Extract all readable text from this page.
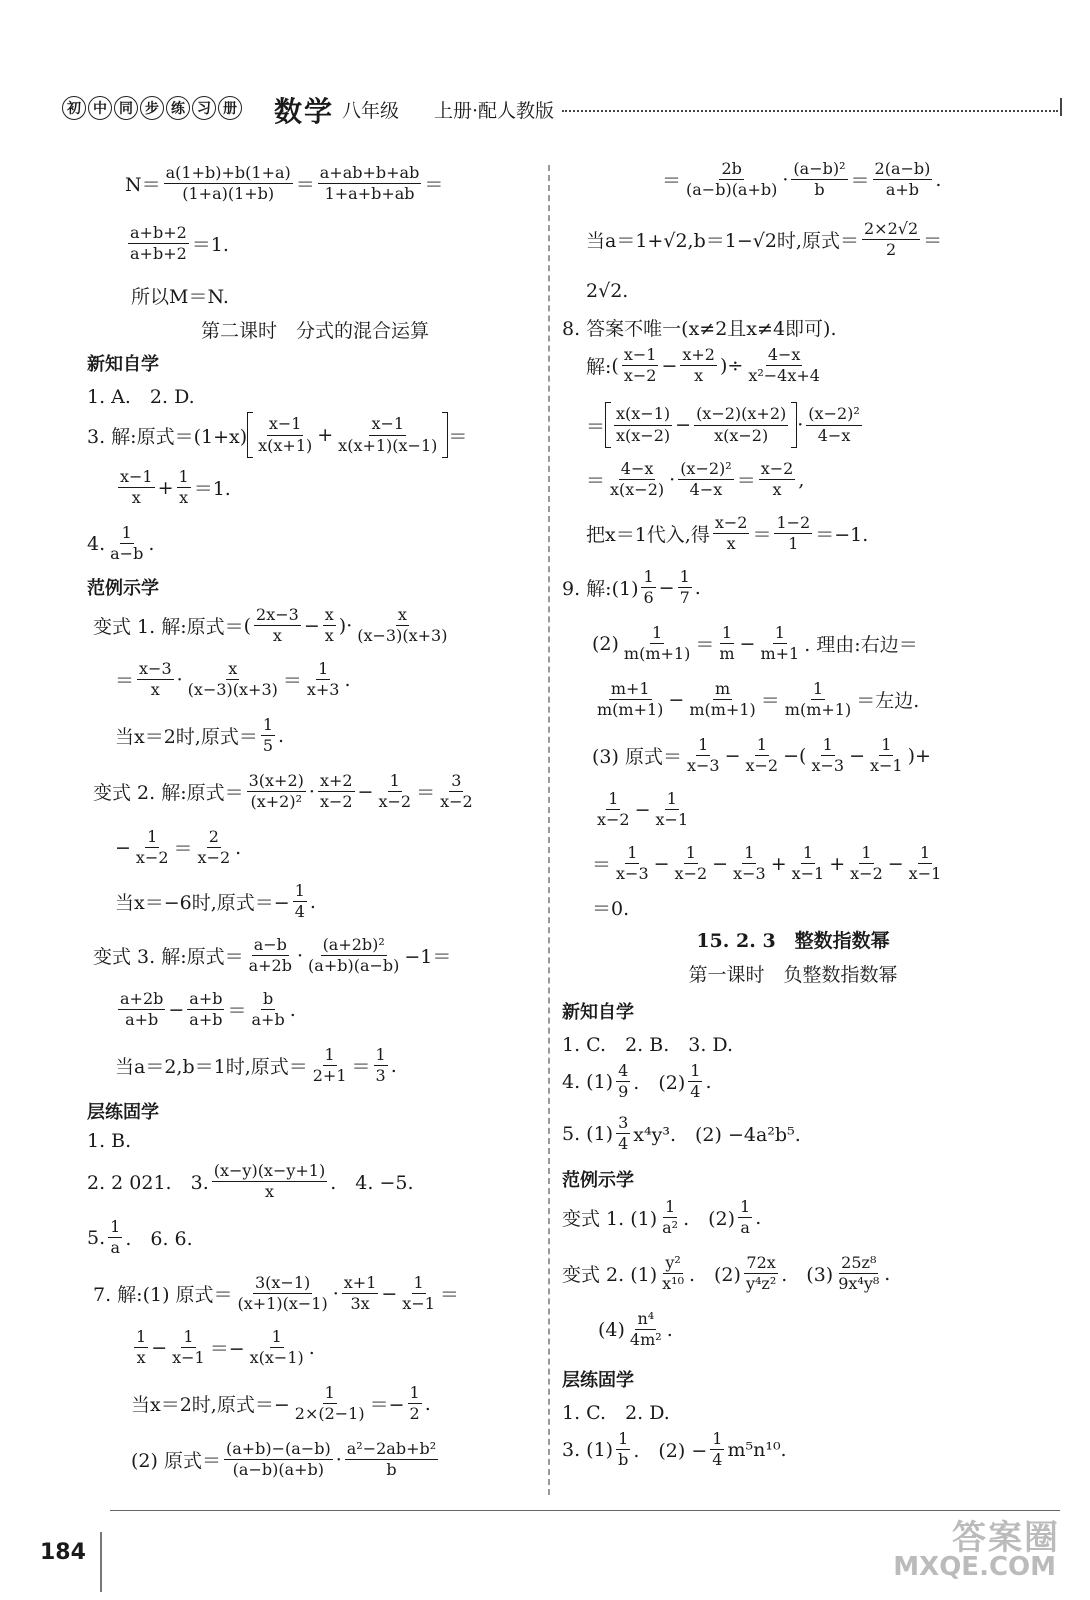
初 中 同 步 练 习 册 数学 八年级 上册·配人教版
$N= \frac{a(1+b)+b(1+a)}{(1+a)(1+b)} = \frac{a+ab+b+ab}{1+a+b+ab}$ ＝
$\frac{a+b+2}{a+b+2} =1$.
所以M＝N.
第二课时　分式的混合运算
新知自学
1. A.　2. D.
3. 解:原式$=(1+x) \frac{x-1}{x(x+1)} + \frac{x-1}{x(x+1)(x-1)}$ ＝
$\frac{x-1}{x} + \frac{1}{x} =1$.
4. $\frac{1}{a-b}$ .
范例示学
变式 1. 解:原式＝ ( $\frac{2x-3}{x} - \frac{x}{x}$ ) · $\frac{x}{(x-3)(x+3)}$
＝ $\frac{x-3}{x} \cdot \frac{x}{(x-3)(x+3)} = \frac{1}{x+3}$ .
当x＝2时,原式＝ $\frac{1}{5}$ .
变式 2. 解:原式＝ $\frac{3(x+2)}{\text{(x+2)²}} \cdot \frac{x+2}{x-2} - \frac{1}{x-2} = \frac{3}{x-2}$
− $\frac{1}{x-2} = \frac{2}{x-2}$ .
当x＝−6时,原式＝− $\frac{1}{4}$ .
变式 3. 解:原式＝ $\frac{a-b}{a+2b} \cdot \frac{\text{(a+2b)²}}{(a+b)(a-b)} -1=$
$\frac{a+2b}{a+b} - \frac{a+b}{a+b} = \frac{b}{a+b}$ .
当a＝2,b＝1时,原式＝ $\frac{1}{2+1} = \frac{1}{3}$ .
层练固学
1. B.
2. 2 021.　3. $\frac{(x-y)(x-y+1)}{x}$ .　4. −5.
5. $\frac{1}{a}$ .　6. 6.
7. 解:(1) 原式＝ $\frac{3(x-1)}{(x+1)(x-1)} \cdot \frac{x+1}{3x} - \frac{1}{x-1}$ ＝
$\frac{1}{x} - \frac{1}{x-1} =- \frac{1}{x(x-1)}$ .
当x＝2时,原式＝− $\frac{1}{2\times(2-1)} =- \frac{1}{2}$ .
(2) 原式＝ $\frac{(a+b)-(a-b)}{(a-b)(a+b)} \cdot \frac{\text{a²−2ab+b²}}{b}$
＝ $\frac{2b}{(a-b)(a+b)} \cdot \frac{\text{(a−b)²}}{b} = \frac{2(a-b)}{a+b}$ .
当a＝1+√2,b＝1−√2时,原式＝ $\frac{2\times 2√2}{2}$ ＝
2√2.
8. 答案不唯一(x≠2且x≠4即可).
解: ( $\frac{x-1}{x-2} - \frac{x+2}{x}$ ) ÷ $\frac{4-x}{\text{x²−4x+4}}$
＝ $\frac{x(x-1)}{x(x-2)} - \frac{(x-2)(x+2)}{x(x-2)} \cdot \frac{\text{(x−2)²}}{4-x}$
＝ $\frac{4-x}{x(x-2)} \cdot \frac{\text{(x−2)²}}{4-x} = \frac{x-2}{x}$ ,
把x＝1代入,得 $\frac{x-2}{x} = \frac{1-2}{1} =-1$.
9. 解:(1) $\frac{1}{6} - \frac{1}{7}$ .
$(2) \frac{1}{m(m+1)} = \frac{1}{m} - \frac{1}{m+1}$ . 理由:右边＝
$\frac{m+1}{m(m+1)} - \frac{m}{m(m+1)} = \frac{1}{m(m+1)}$ ＝左边.
(3) 原式＝ $\frac{1}{x-3} - \frac{1}{x-2}$ − ( $\frac{1}{x-3} - \frac{1}{x-1}$ ) +
$\frac{1}{x-2} - \frac{1}{x-1}$
＝ $\frac{1}{x-3} - \frac{1}{x-2} - \frac{1}{x-3} + \frac{1}{x-1} + \frac{1}{x-2} - \frac{1}{x-1}$
＝0.
15. 2. 3　整数指数幂
第一课时　负整数指数幂
新知自学
1. C.　2. B.　3. D.
4. $(1) \frac{4}{9}$ .　$(2) \frac{1}{4}$ .
5. $(1) \frac{3}{4} x^4y^3$.　(2) −4a²b⁵.
范例示学
变式 1. $(1) \frac{1}{\text{a²}}$ .　$(2) \frac{1}{a}$ .
变式 2. $(1) \frac{\text{y²}}{\text{x¹⁰}}$ .　$(2) \frac{72x}{\text{y⁴z²}}$ .　$(3) \frac{\text{25z⁸}}{\text{9x⁴y⁸}}$ .
$(4) \frac{\text{n⁴}}{\text{4m²}}$ .
层练固学
1. C.　2. D.
3. $(1) \frac{1}{b}$ .　$(2) - \frac{1}{4} m^5n^{10}$.
184	答案圈
MXQE.COM
